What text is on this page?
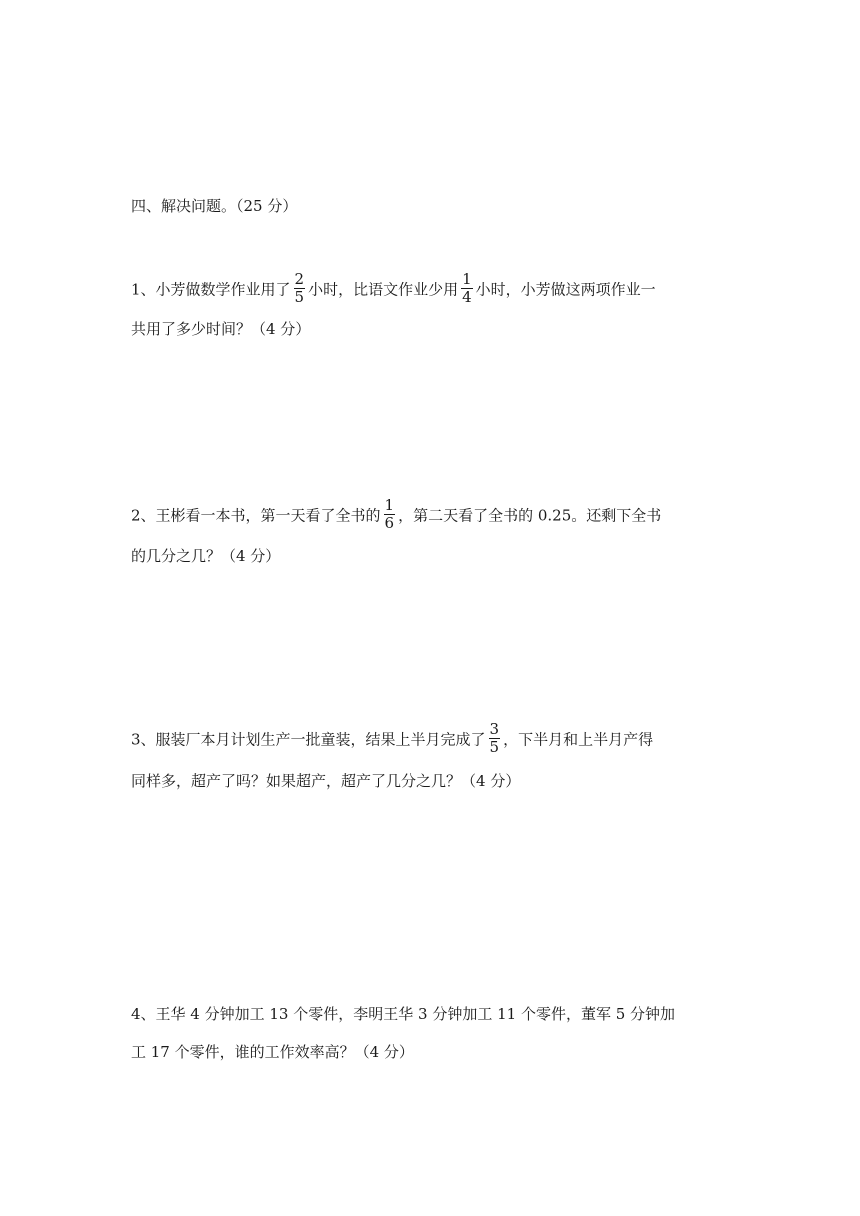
四、解决问题。（25 分）
1、小芳做数学作业用了 $\frac{2}{5}$ 小时，比语文作业少用 $\frac{1}{4}$ 小时，小芳做这两项作业一
共用了多少时间？（4 分）
2、王彬看一本书，第一天看了全书的 $\frac{1}{6}$ ，第二天看了全书的 0.25。还剩下全书
的几分之几？（4 分）
3、服装厂本月计划生产一批童装，结果上半月完成了 $\frac{3}{5}$ ，下半月和上半月产得
同样多，超产了吗？如果超产，超产了几分之几？（4 分）
4、王华 4 分钟加工 13 个零件，李明王华 3 分钟加工 11 个零件，董军 5 分钟加
工 17 个零件，谁的工作效率高？（4 分）
